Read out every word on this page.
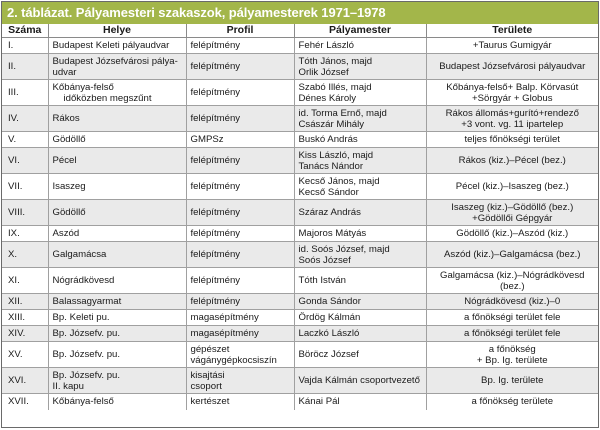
2. táblázat. Pályamesteri szakaszok, pályamesterek 1971–1978
Száma	Helye	Profil	Pályamester	Területe
I.	Budapest Keleti pályaudvar	felépítmény	Fehér László	+Taurus Gumigyár

II.	Budapest Józsefvárosi pálya-
udvar	felépítmény	Tóth János, majd
Orlik József	Budapest Józsefvárosi pályaudvar

III.	Kőbánya-felső
időközben megszűnt	felépítmény	Szabó Illés, majd
Dénes Károly	Kőbánya-felső+ Balp. Körvasút
+Sörgyár + Globus

IV.	Rákos	felépítmény	id. Torma Ernő, majd
Császár Mihály	Rákos állomás+gurító+rendező
+3 vont. vg. 11 ipartelep

V.	Gödöllő	GMPSz	Buskó András	teljes főnökségi terület

VI.	Pécel	felépítmény	Kiss László, majd
Tanács Nándor	Rákos (kiz.)–Pécel (bez.)

VII.	Isaszeg	felépítmény	Kecső János, majd
Kecső Sándor	Pécel (kiz.)–Isaszeg (bez.)

VIII.	Gödöllő	felépítmény	Száraz András	Isaszeg (kiz.)–Gödöllő (bez.)
+Gödöllői Gépgyár

IX.	Aszód	felépítmény	Majoros Mátyás	Gödöllő (kiz.)–Aszód (kiz.)

X.	Galgamácsa	felépítmény	id. Soós József, majd
Soós József	Aszód (kiz.)–Galgamácsa (bez.)

XI.	Nógrádkövesd	felépítmény	Tóth István	Galgamácsa (kiz.)–Nógrádkövesd
(bez.)

XII.	Balassagyarmat	felépítmény	Gonda Sándor	Nógrádkövesd (kiz.)–0

XIII.	Bp. Keleti pu.	magasépítmény	Ördög Kálmán	a főnökségi terület fele

XIV.	Bp. Józsefv. pu.	magasépítmény	Laczkó László	a főnökségi terület fele

XV.	Bp. Józsefv. pu.	gépészet
vágánygépkocsiszín	Böröcz József	a főnökség
+ Bp. Ig. területe

XVI.	Bp. Józsefv. pu.
II. kapu	kisajtási
csoport	Vajda Kálmán csoportvezető	Bp. Ig. területe

XVII.	Kőbánya-felső	kertészet	Kánai Pál	a főnökség területe
